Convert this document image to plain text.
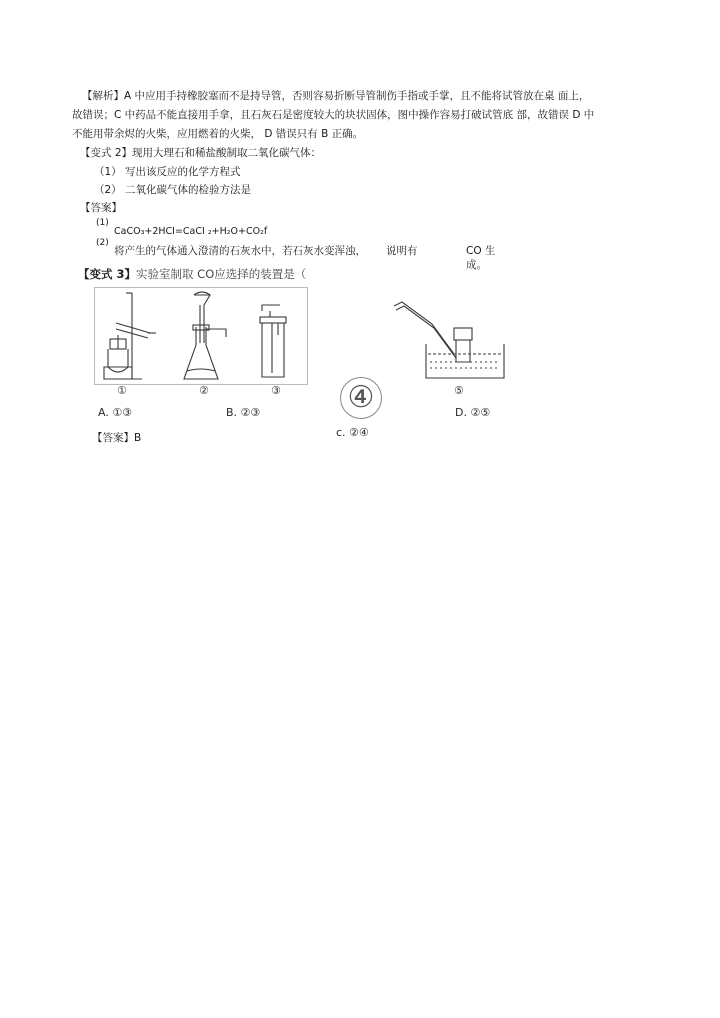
【解析】A 中应用手持橡胶塞而不是持导管，否则容易折断导管制伤手指或手掌，且不能将试管放在桌 面上，
故错误；C 中药品不能直接用手拿，且石灰石是密度较大的块状固体，图中操作容易打破试管底 部，故错误 D 中
不能用带余烬的火柴，应用燃着的火柴， D 错误只有 B 正确。
【变式 2】现用大理石和稀盐酸制取二氧化碳气体：
（1） 写出该反应的化学方程式
（2） 二氧化碳气体的检验方法是
【答案】
(1)
CaCO₃+2HCI=CaCI ₂+H₂O+CO₂f
(2)
将产生的气体通入澄清的石灰水中，若石灰水变浑浊， 说明有	CO 生
成。
【变式 3】实验室制取 CO应选择的装置是（
①	②	③ ④	⑤
A. ①③	B. ②③	D. ②⑤
c. ②④
【答案】B
